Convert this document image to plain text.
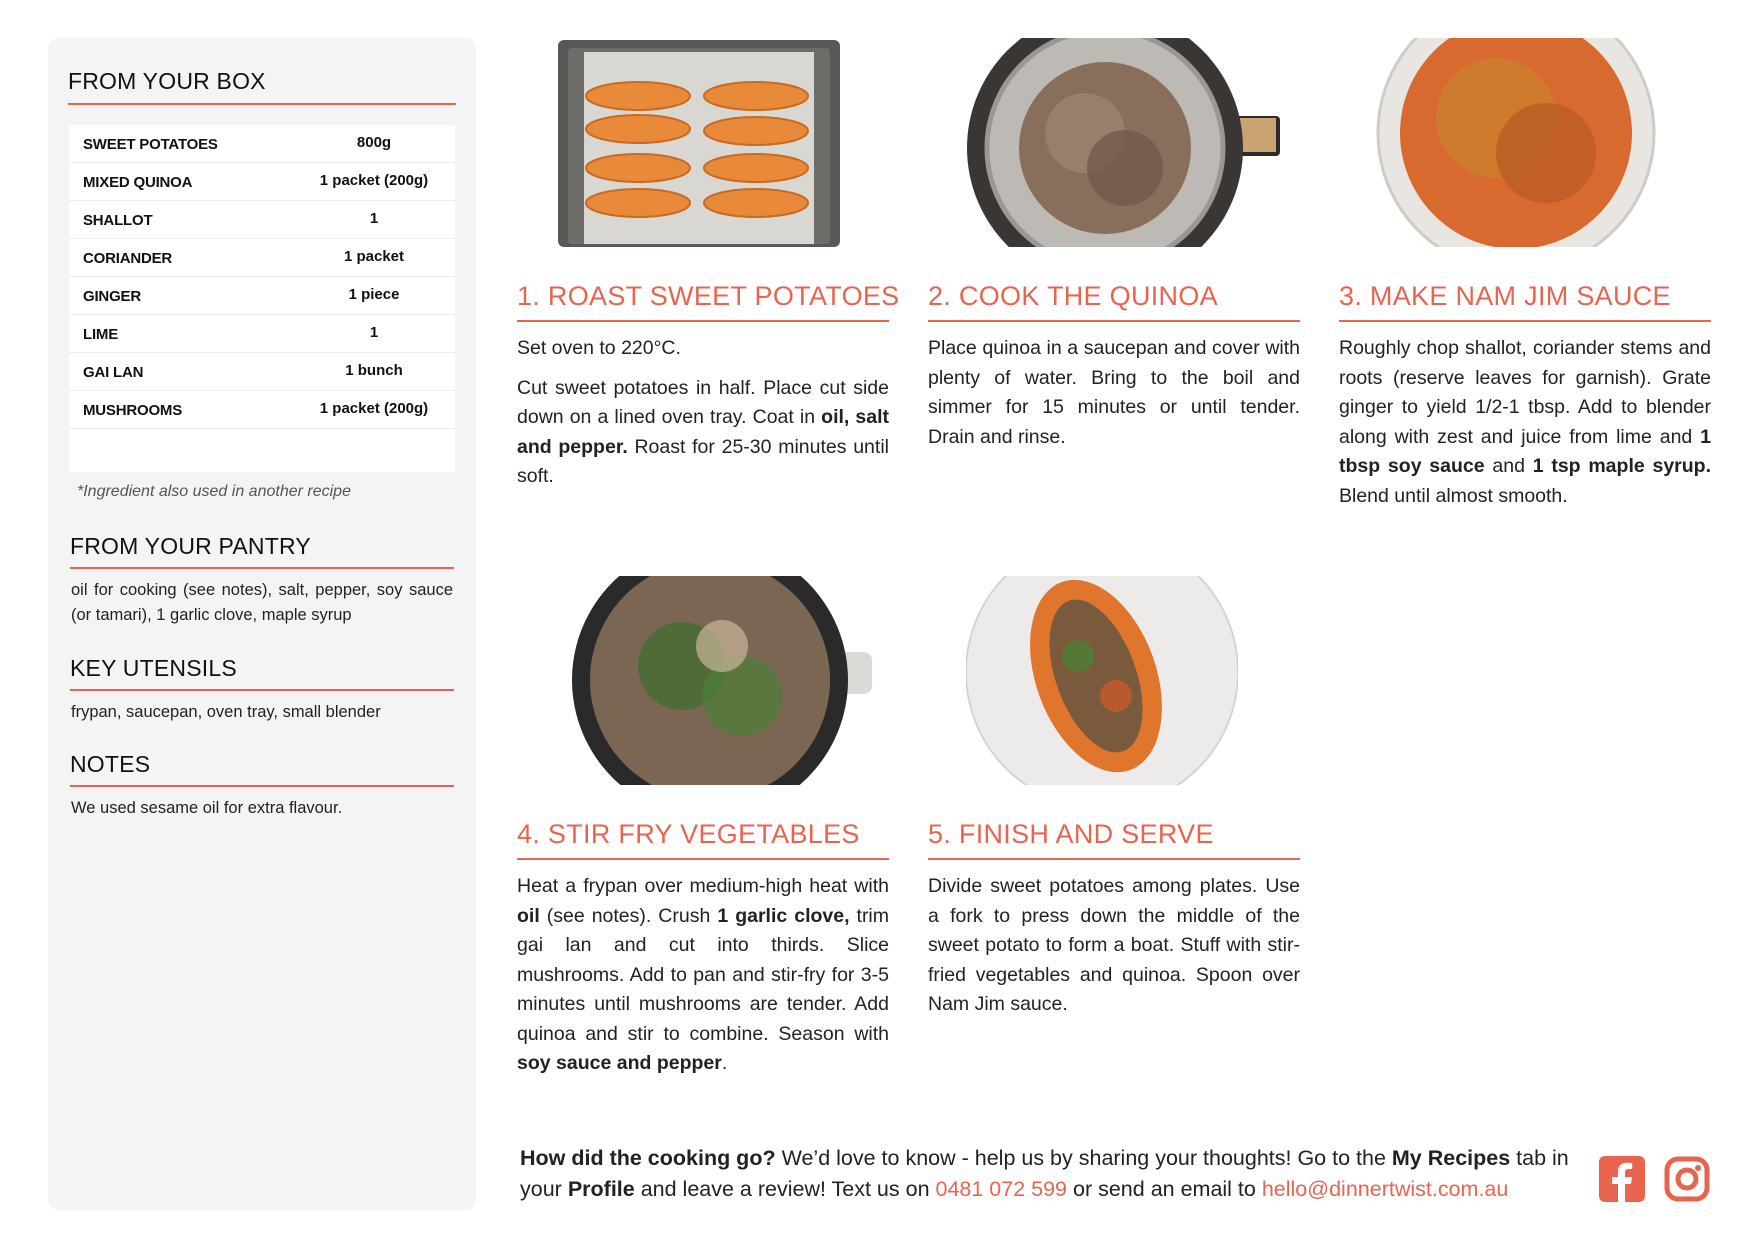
FROM YOUR BOX
SWEET POTATOES	800g
MIXED QUINOA	1 packet (200g)
SHALLOT	1
CORIANDER	1 packet
GINGER	1 piece
LIME	1
GAI LAN	1 bunch
MUSHROOMS	1 packet (200g)
*Ingredient also used in another recipe
FROM YOUR PANTRY
oil for cooking (see notes), salt, pepper, soy sauce (or tamari), 1 garlic clove, maple syrup
KEY UTENSILS
frypan, saucepan, oven tray, small blender
NOTES
We used sesame oil for extra flavour.
1. ROAST SWEET POTATOES

Set oven to 220°C.

Cut sweet potatoes in half. Place cut side down on a lined oven tray. Coat in oil, salt and pepper. Roast for 25-30 minutes until soft.

2. COOK THE QUINOA

Place quinoa in a saucepan and cover with plenty of water. Bring to the boil and simmer for 15 minutes or until tender. Drain and rinse.

3. MAKE NAM JIM SAUCE

Roughly chop shallot, coriander stems and roots (reserve leaves for garnish). Grate ginger to yield 1/2-1 tbsp. Add to blender along with zest and juice from lime and 1 tbsp soy sauce and 1 tsp maple syrup. Blend until almost smooth.

4. STIR FRY VEGETABLES

Heat a frypan over medium-high heat with oil (see notes). Crush 1 garlic clove, trim gai lan and cut into thirds. Slice mushrooms. Add to pan and stir-fry for 3-5 minutes until mushrooms are tender. Add quinoa and stir to combine. Season with soy sauce and pepper.

5. FINISH AND SERVE

Divide sweet potatoes among plates. Use a fork to press down the middle of the sweet potato to form a boat. Stuff with stir-fried vegetables and quinoa. Spoon over Nam Jim sauce.

How did the cooking go? We’d love to know - help us by sharing your thoughts! Go to the My Recipes tab in your Profile and leave a review! Text us on 0481 072 599 or send an email to hello@dinnertwist.com.au
